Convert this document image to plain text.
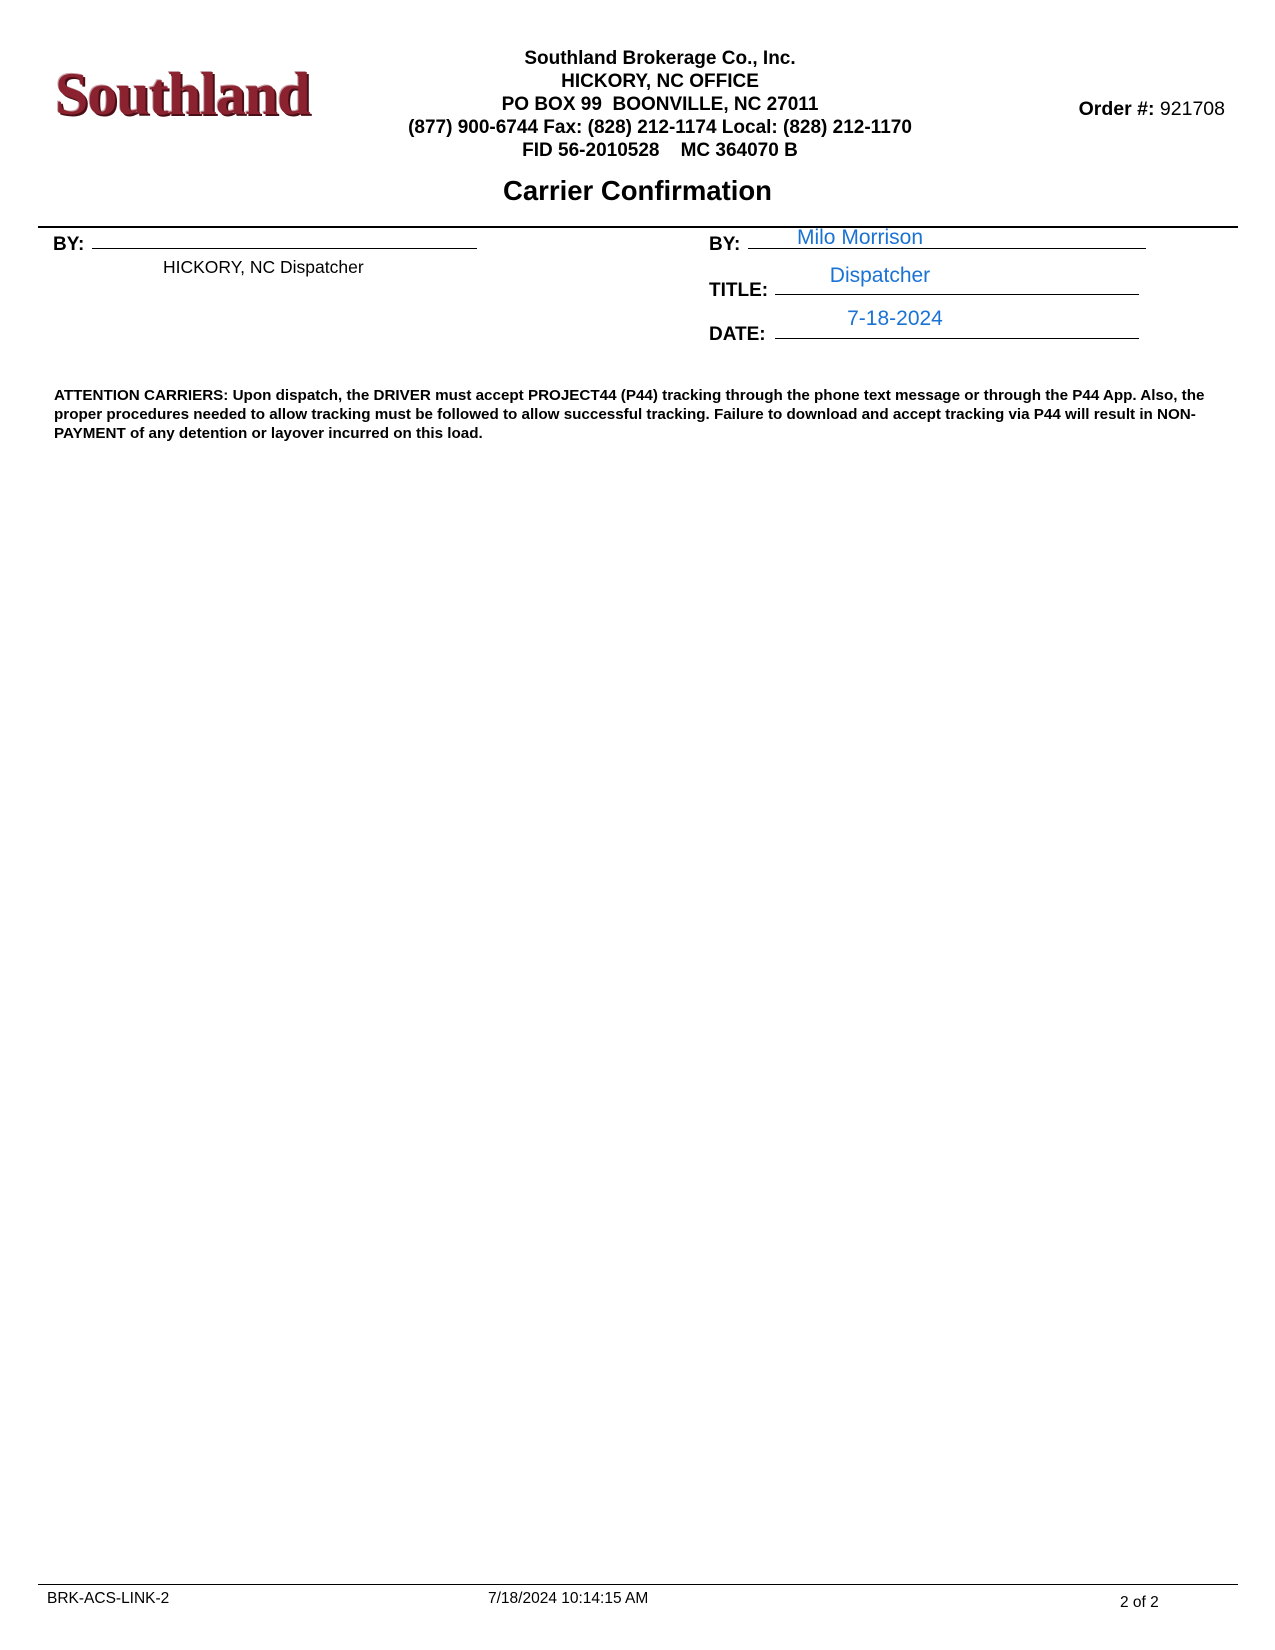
Southland
Southland Brokerage Co., Inc.
HICKORY, NC OFFICE
PO BOX 99  BOONVILLE, NC 27011
(877) 900-6744 Fax: (828) 212-1174 Local: (828) 212-1170
FID 56-2010528    MC 364070 B
Order #: 921708
Carrier Confirmation
BY:
HICKORY, NC Dispatcher
BY:	Milo Morrison
TITLE:
Dispatcher
DATE:
7-18-2024
ATTENTION CARRIERS: Upon dispatch, the DRIVER must accept PROJECT44 (P44) tracking through the phone text message or through the P44 App. Also, the proper procedures needed to allow tracking must be followed to allow successful tracking. Failure to download and accept tracking via P44 will result in NON-PAYMENT of any detention or layover incurred on this load.
BRK-ACS-LINK-2	7/18/2024 10:14:15 AM	2 of 2
